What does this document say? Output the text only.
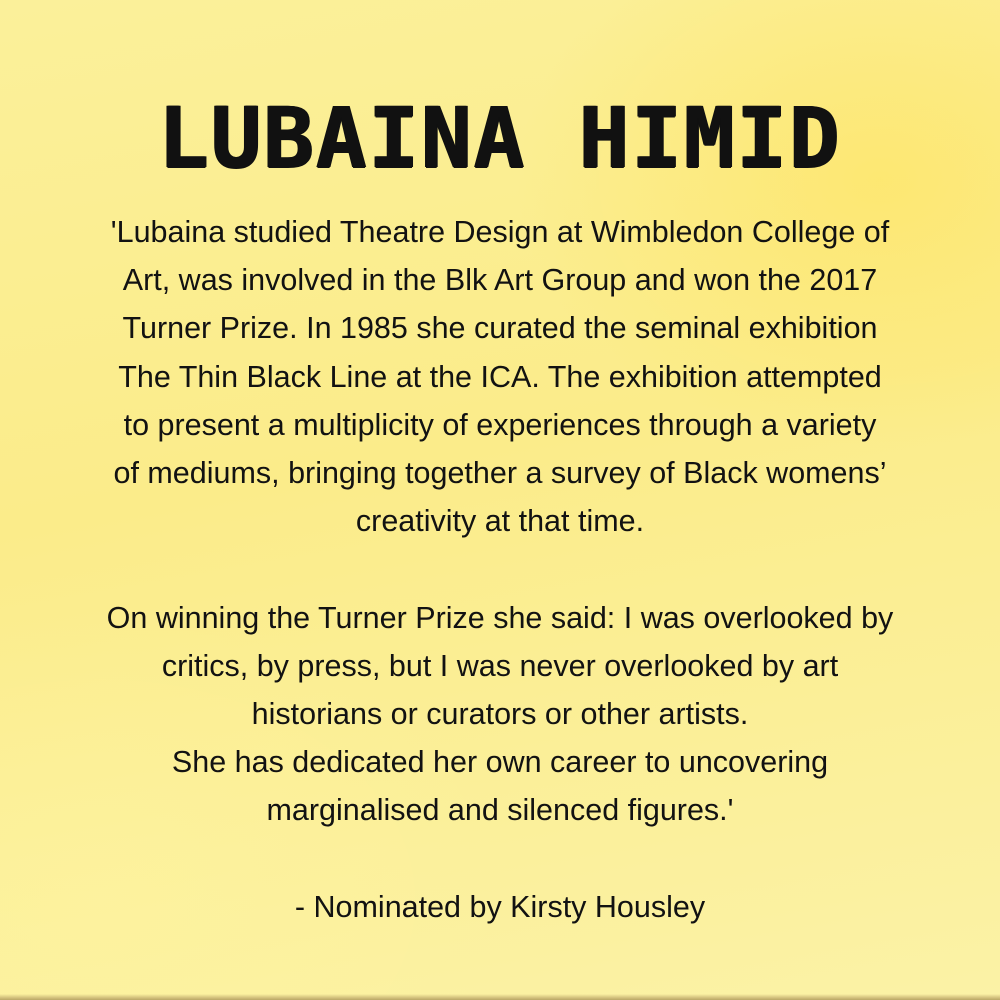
LUBAINA HIMID
'Lubaina studied Theatre Design at Wimbledon College of
Art, was involved in the Blk Art Group and won the 2017
Turner Prize. In 1985 she curated the seminal exhibition
The Thin Black Line at the ICA. The exhibition attempted
to present a multiplicity of experiences through a variety
of mediums, bringing together a survey of Black womens’
creativity at that time.
On winning the Turner Prize she said: I was overlooked by
critics, by press, but I was never overlooked by art
historians or curators or other artists.
She has dedicated her own career to uncovering
marginalised and silenced figures.'
- Nominated by Kirsty Housley
